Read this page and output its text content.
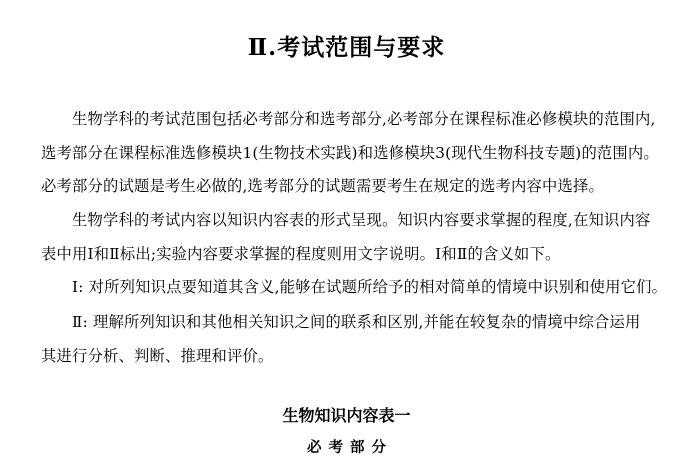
Ⅱ.考试范围与要求

生物学科的考试范围包括必考部分和选考部分,必考部分在课程标准必修模块的范围内,
选考部分在课程标准选修模块1(生物技术实践)和选修模块3(现代生物科技专题)的范围内。
必考部分的试题是考生必做的,选考部分的试题需要考生在规定的选考内容中选择。

生物学科的考试内容以知识内容表的形式呈现。知识内容要求掌握的程度,在知识内容
表中用Ⅰ和Ⅱ标出;实验内容要求掌握的程度则用文字说明。Ⅰ和Ⅱ的含义如下。

Ⅰ: 对所列知识点要知道其含义,能够在试题所给予的相对简单的情境中识别和使用它们。

Ⅱ: 理解所列知识和其他相关知识之间的联系和区别,并能在较复杂的情境中综合运用
其进行分析、判断、推理和评价。

生物知识内容表一
必考部分
